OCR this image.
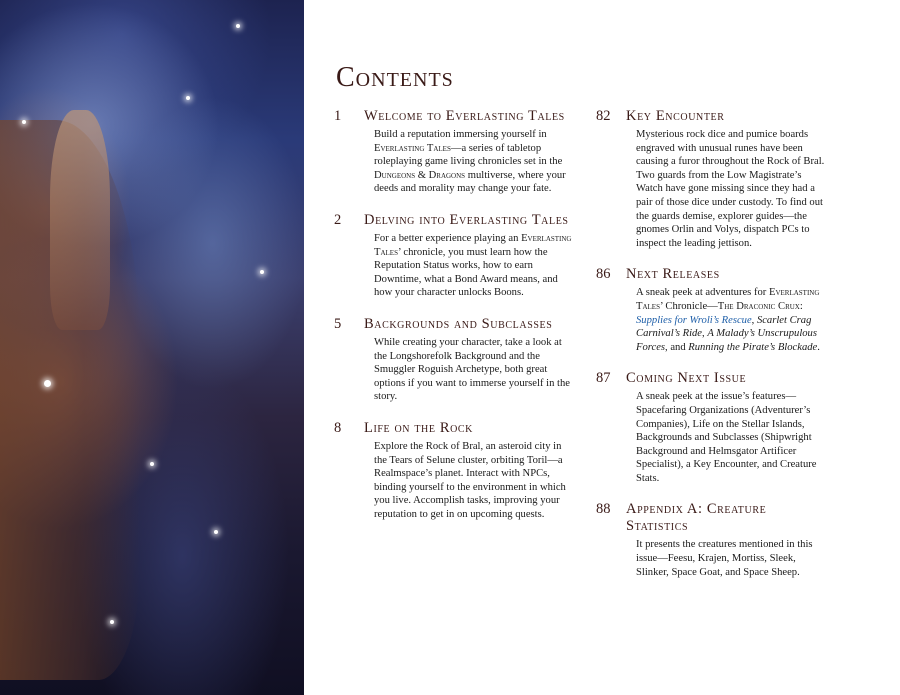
Contents
1	Welcome to Everlasting Tales

Build a reputation immersing yourself in Everlasting Tales—a series of tabletop roleplaying game living chronicles set in the Dungeons & Dragons multiverse, where your deeds and morality may change your fate.

2	Delving into Everlasting Tales

For a better experience playing an Everlasting Tales’ chronicle, you must learn how the Reputation Status works, how to earn Downtime, what a Bond Award means, and how your character unlocks Boons.

5	Backgrounds and Subclasses

While creating your character, take a look at the Longshorefolk Background and the Smuggler Roguish Archetype, both great options if you want to immerse yourself in the story.

8	Life on the Rock

Explore the Rock of Bral, an asteroid city in the Tears of Selune cluster, orbiting Toril—a Realmspace’s planet. Interact with NPCs, binding yourself to the environment in which you live. Accomplish tasks, improving your reputation to get in on upcoming quests.

82	Key Encounter

Mysterious rock dice and pumice boards engraved with unusual runes have been causing a furor throughout the Rock of Bral. Two guards from the Low Magistrate’s Watch have gone missing since they had a pair of those dice under custody. To find out the guards demise, explorer guides—the gnomes Orlin and Volys, dispatch PCs to inspect the leading jettison.

86	Next Releases

A sneak peek at adventures for Everlasting Tales’ Chronicle—The Draconic Crux: Supplies for Wroli’s Rescue, Scarlet Crag Carnival’s Ride, A Malady’s Unscrupulous Forces, and Running the Pirate’s Blockade.

87	Coming Next Issue

A sneak peek at the issue’s features—Spacefaring Organizations (Adventurer’s Companies), Life on the Stellar Islands, Backgrounds and Subclasses (Shipwright Background and Helmsgator Artificer Specialist), a Key Encounter, and Creature Stats.

88	Appendix A: Creature Statistics

It presents the creatures mentioned in this issue—Feesu, Krajen, Mortiss, Sleek, Slinker, Space Goat, and Space Sheep.
